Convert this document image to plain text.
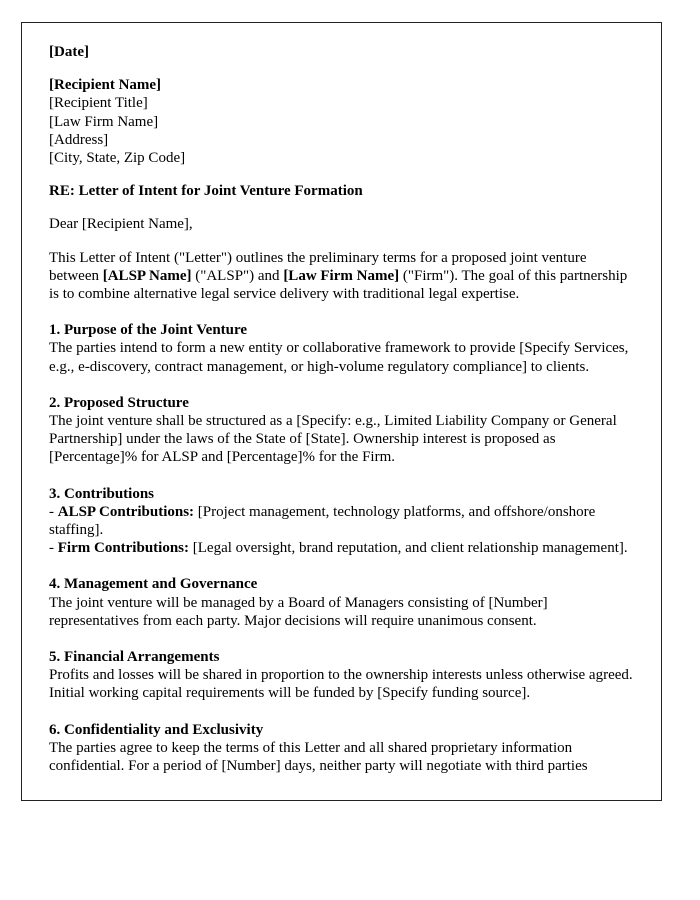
[Date]
[Recipient Name]
[Recipient Title]
[Law Firm Name]
[Address]
[City, State, Zip Code]
RE: Letter of Intent for Joint Venture Formation
Dear [Recipient Name],

This Letter of Intent ("Letter") outlines the preliminary terms for a proposed joint venture between [ALSP Name] ("ALSP") and [Law Firm Name] ("Firm"). The goal of this partnership is to combine alternative legal service delivery with traditional legal expertise.

1. Purpose of the Joint Venture

The parties intend to form a new entity or collaborative framework to provide [Specify Services, e.g., e-discovery, contract management, or high-volume regulatory compliance] to clients.

2. Proposed Structure

The joint venture shall be structured as a [Specify: e.g., Limited Liability Company or General Partnership] under the laws of the State of [State]. Ownership interest is proposed as [Percentage]% for ALSP and [Percentage]% for the Firm.

3. Contributions

- ALSP Contributions: [Project management, technology platforms, and offshore/onshore staffing].

- Firm Contributions: [Legal oversight, brand reputation, and client relationship management].

4. Management and Governance

The joint venture will be managed by a Board of Managers consisting of [Number] representatives from each party. Major decisions will require unanimous consent.

5. Financial Arrangements

Profits and losses will be shared in proportion to the ownership interests unless otherwise agreed. Initial working capital requirements will be funded by [Specify funding source].

6. Confidentiality and Exclusivity

The parties agree to keep the terms of this Letter and all shared proprietary information confidential. For a period of [Number] days, neither party will negotiate with third parties
